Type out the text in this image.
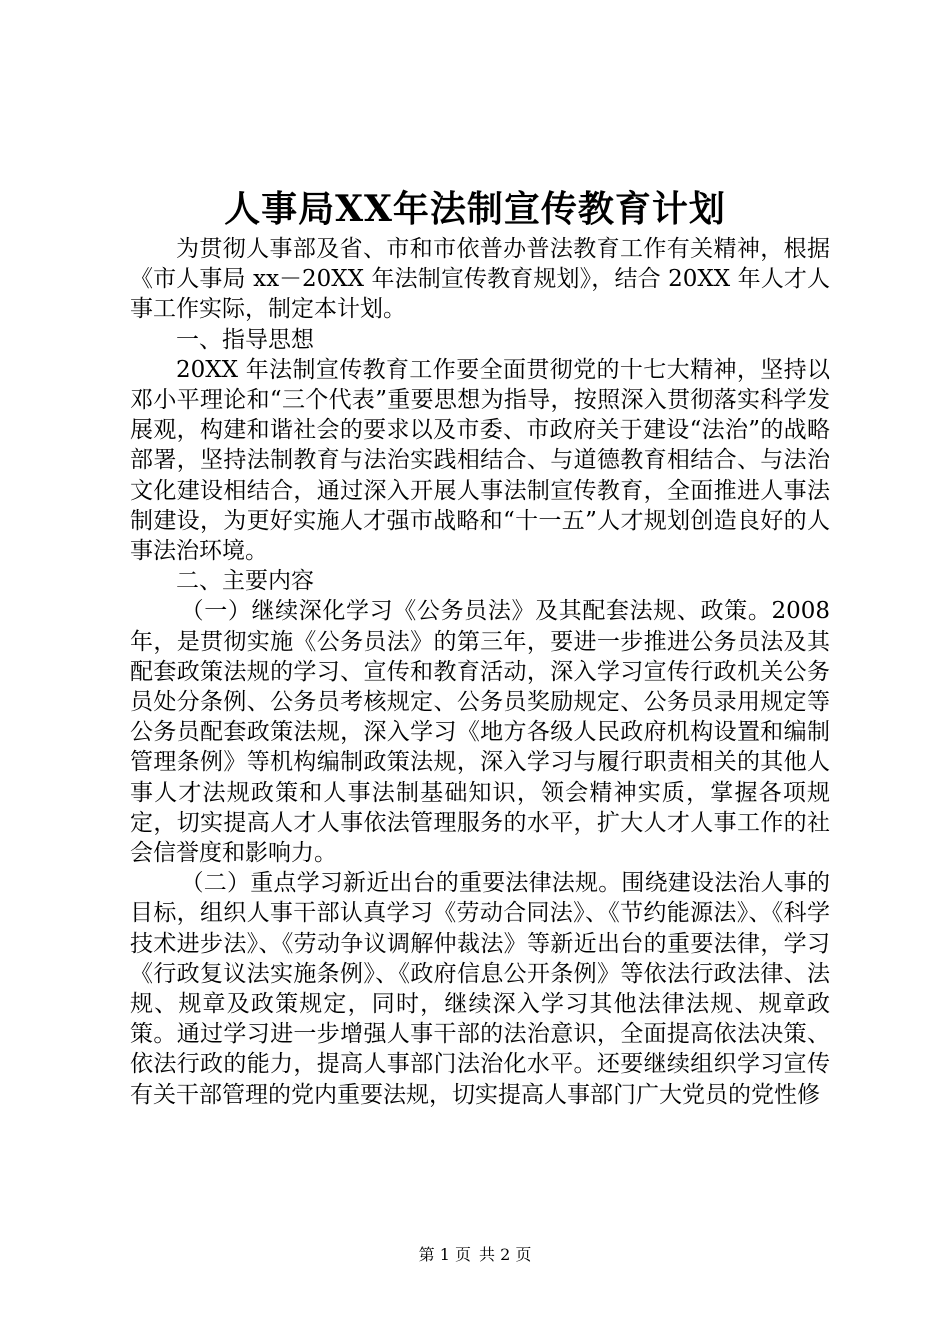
人事局XX年法制宣传教育计划

为贯彻人事部及省、市和市依普办普法教育工作有关精神，根据《市人事局 xx－20XX 年法制宣传教育规划》，结合 20XX 年人才人事工作实际，制定本计划。

一、指导思想

20XX 年法制宣传教育工作要全面贯彻党的十七大精神，坚持以邓小平理论和“三个代表”重要思想为指导，按照深入贯彻落实科学发展观，构建和谐社会的要求以及市委、市政府关于建设“法治”的战略部署，坚持法制教育与法治实践相结合、与道德教育相结合、与法治文化建设相结合，通过深入开展人事法制宣传教育，全面推进人事法制建设，为更好实施人才强市战略和“十一五”人才规划创造良好的人事法治环境。

二、主要内容

（一）继续深化学习《公务员法》及其配套法规、政策。2008 年，是贯彻实施《公务员法》的第三年，要进一步推进公务员法及其配套政策法规的学习、宣传和教育活动，深入学习宣传行政机关公务员处分条例、公务员考核规定、公务员奖励规定、公务员录用规定等公务员配套政策法规，深入学习《地方各级人民政府机构设置和编制管理条例》等机构编制政策法规，深入学习与履行职责相关的其他人事人才法规政策和人事法制基础知识，领会精神实质，掌握各项规定，切实提高人才人事依法管理服务的水平，扩大人才人事工作的社会信誉度和影响力。

（二）重点学习新近出台的重要法律法规。围绕建设法治人事的目标，组织人事干部认真学习《劳动合同法》、《节约能源法》、《科学技术进步法》、《劳动争议调解仲裁法》等新近出台的重要法律，学习《行政复议法实施条例》、《政府信息公开条例》等依法行政法律、法规、规章及政策规定，同时，继续深入学习其他法律法规、规章政策。通过学习进一步增强人事干部的法治意识，全面提高依法决策、依法行政的能力，提高人事部门法治化水平。还要继续组织学习宣传有关干部管理的党内重要法规，切实提高人事部门广大党员的党性修

第 1 页 共 2 页
